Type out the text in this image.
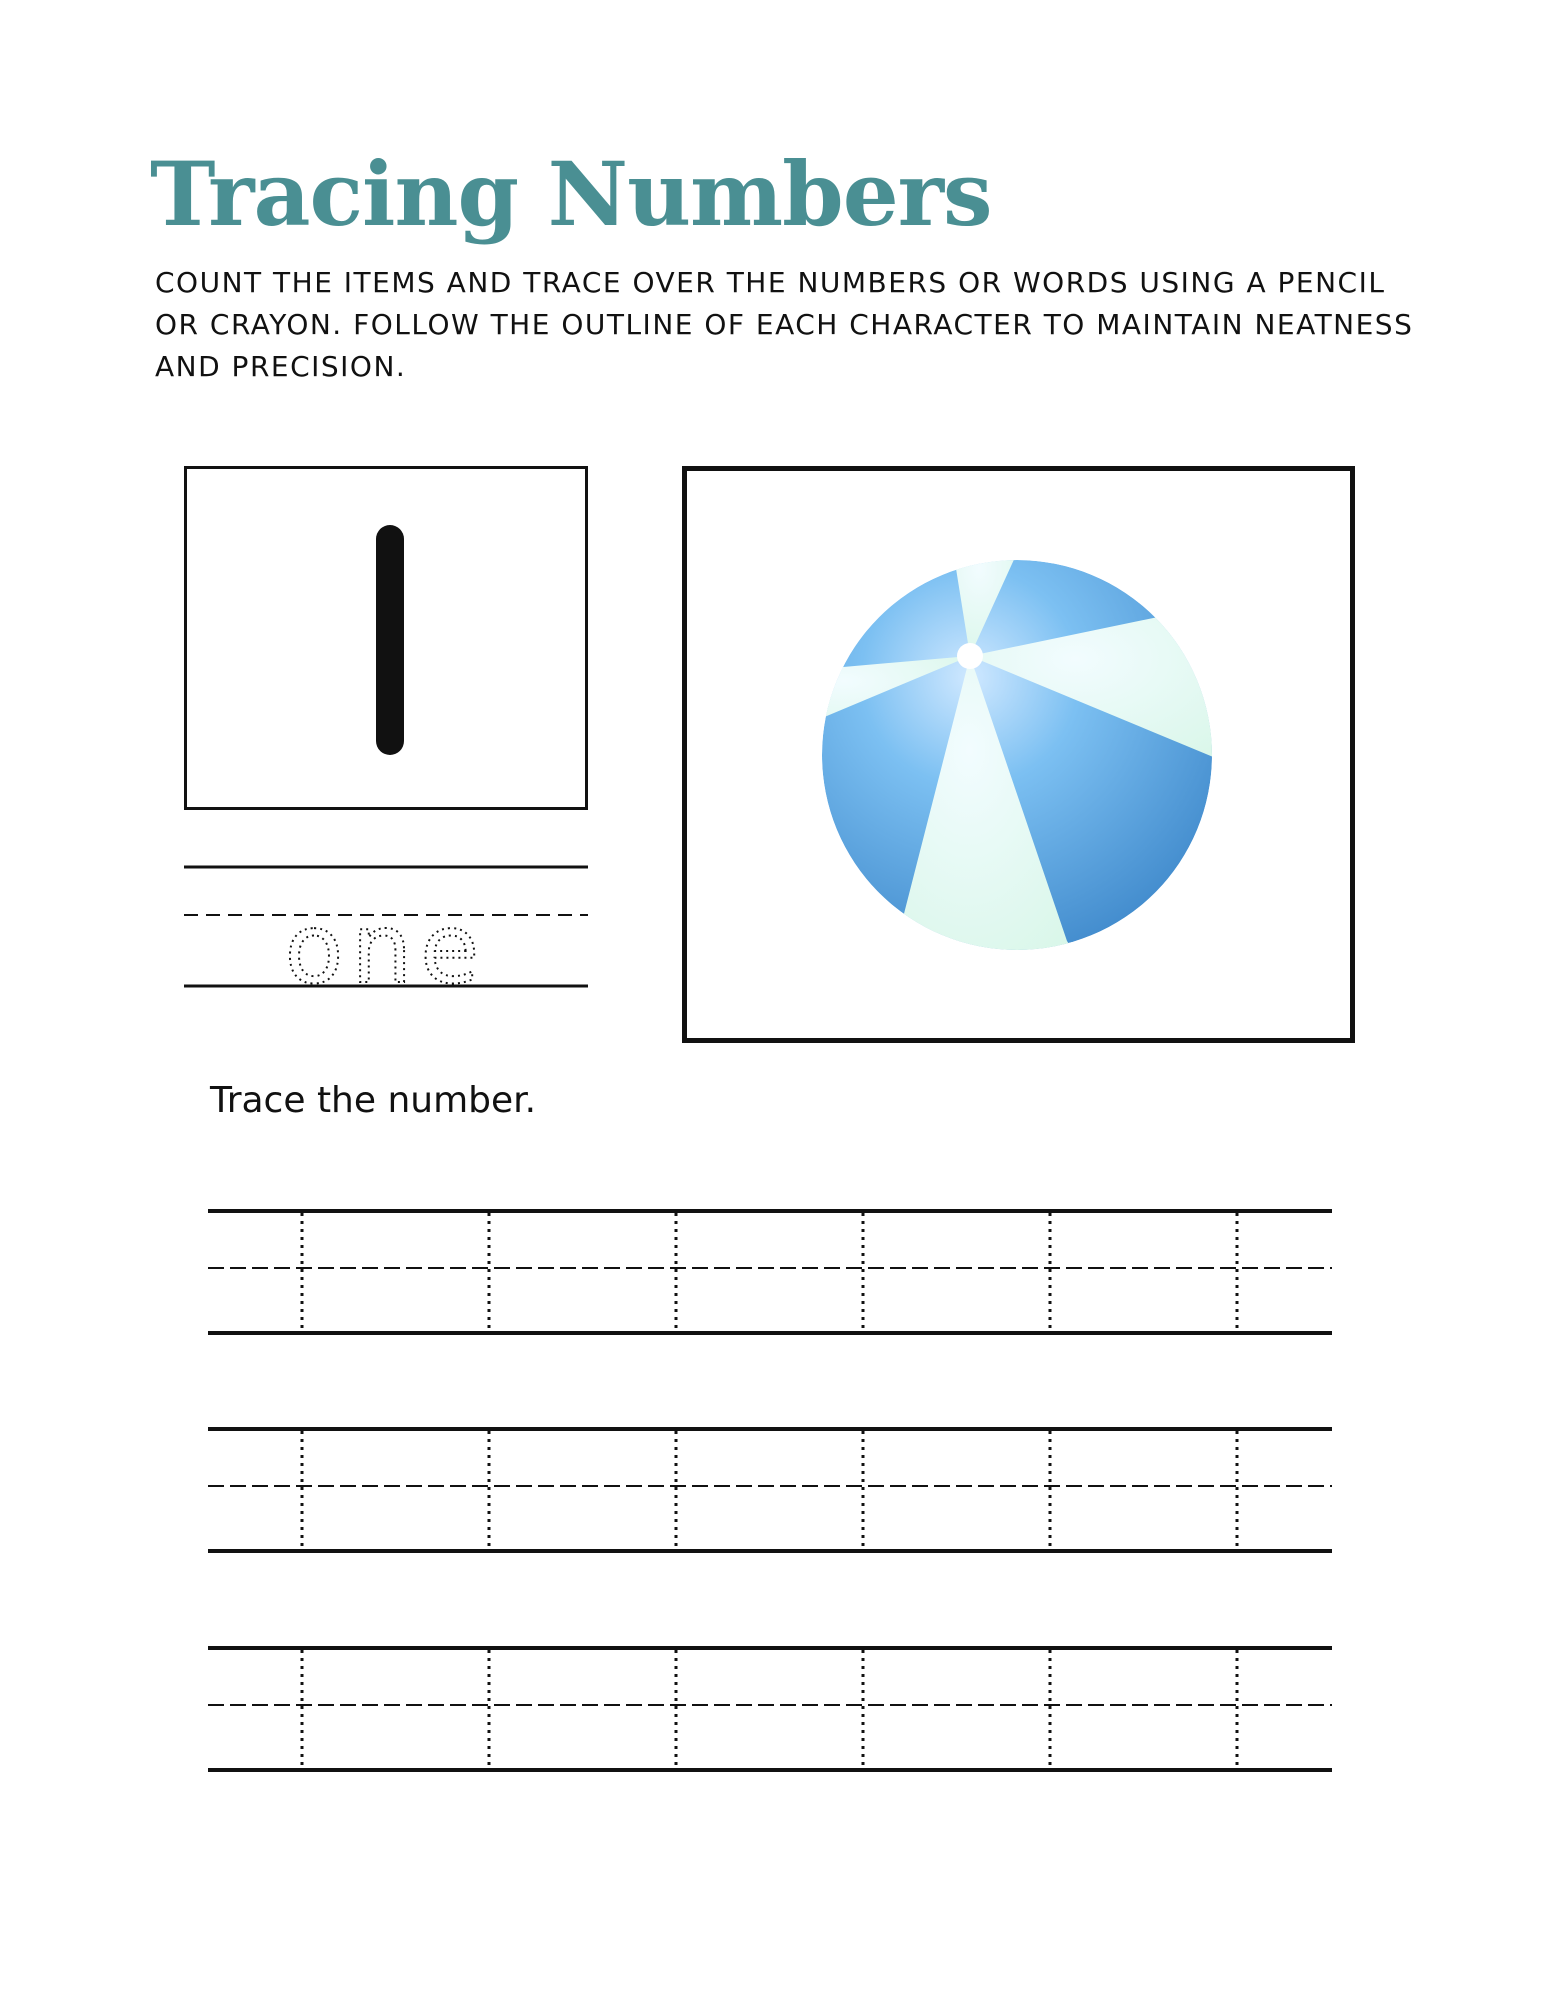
Tracing Numbers

COUNT THE ITEMS AND TRACE OVER THE NUMBERS OR WORDS USING A PENCIL OR CRAYON. FOLLOW THE OUTLINE OF EACH CHARACTER TO MAINTAIN NEATNESS AND PRECISION.

one

Trace the number.
